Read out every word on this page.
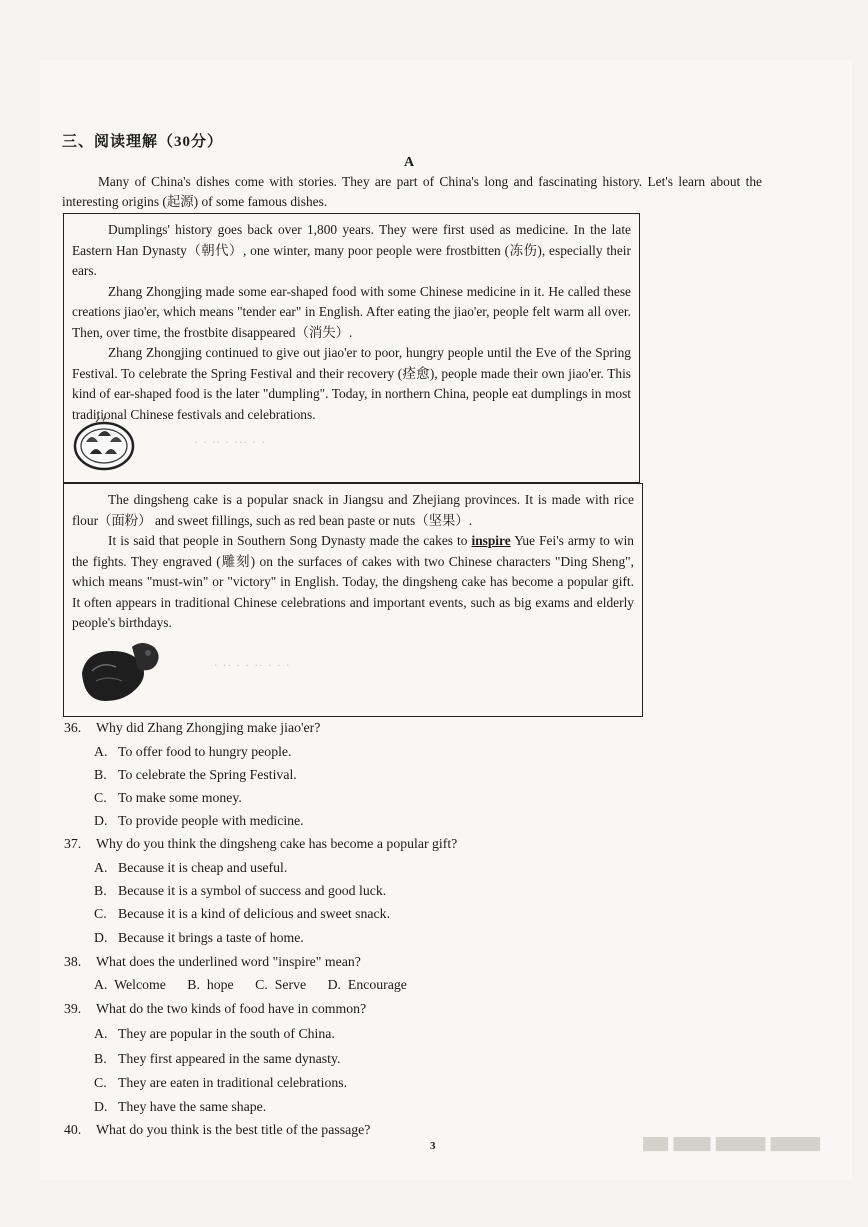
三、阅读理解（30分）
A

Many of China's dishes come with stories. They are part of China's long and fascinating history. Let's learn about the interesting origins (起源) of some famous dishes.

Dumplings' history goes back over 1,800 years. They were first used as medicine. In the late Eastern Han Dynasty（朝代）, one winter, many poor people were frostbitten (冻伤), especially their ears.

Zhang Zhongjing made some ear-shaped food with some Chinese medicine in it. He called these creations jiao'er, which means "tender ear" in English. After eating the jiao'er, people felt warm all over. Then, over time, the frostbite disappeared（消失）.

Zhang Zhongjing continued to give out jiao'er to poor, hungry people until the Eve of the Spring Festival. To celebrate the Spring Festival and their recovery (痊愈), people made their own jiao'er. This kind of ear-shaped food is the later "dumpling". Today, in northern China, people eat dumplings in most traditional Chinese festivals and celebrations.

· · ·· · ··· · ·

The dingsheng cake is a popular snack in Jiangsu and Zhejiang provinces. It is made with rice flour（面粉） and sweet fillings, such as red bean paste or nuts（坚果）.

It is said that people in Southern Song Dynasty made the cakes to inspire Yue Fei's army to win the fights. They engraved (雕刻) on the surfaces of cakes with two Chinese characters "Ding Sheng", which means "must-win" or "victory" in English. Today, the dingsheng cake has become a popular gift. It often appears in traditional Chinese celebrations and important events, such as big exams and elderly people's birthdays.

· ·· · · ·· · · ·
36. Why did Zhang Zhongjing make jiao'er?
A. To offer food to hungry people.
B. To celebrate the Spring Festival.
C. To make some money.
D. To provide people with medicine.
37. Why do you think the dingsheng cake has become a popular gift?
A. Because it is cheap and useful.
B. Because it is a symbol of success and good luck.
C. Because it is a kind of delicious and sweet snack.
D. Because it brings a taste of home.
38. What does the underlined word "inspire" mean?
A. Welcome B. hope C. Serve D. Encourage
39. What do the two kinds of food have in common?
A. They are popular in the south of China.
B. They first appeared in the same dynasty.
C. They are eaten in traditional celebrations.
D. They have the same shape.
40. What do you think is the best title of the passage?
▆▆▆▆ ▆▆▆▆ ▆▆▆ ▆▆
3
